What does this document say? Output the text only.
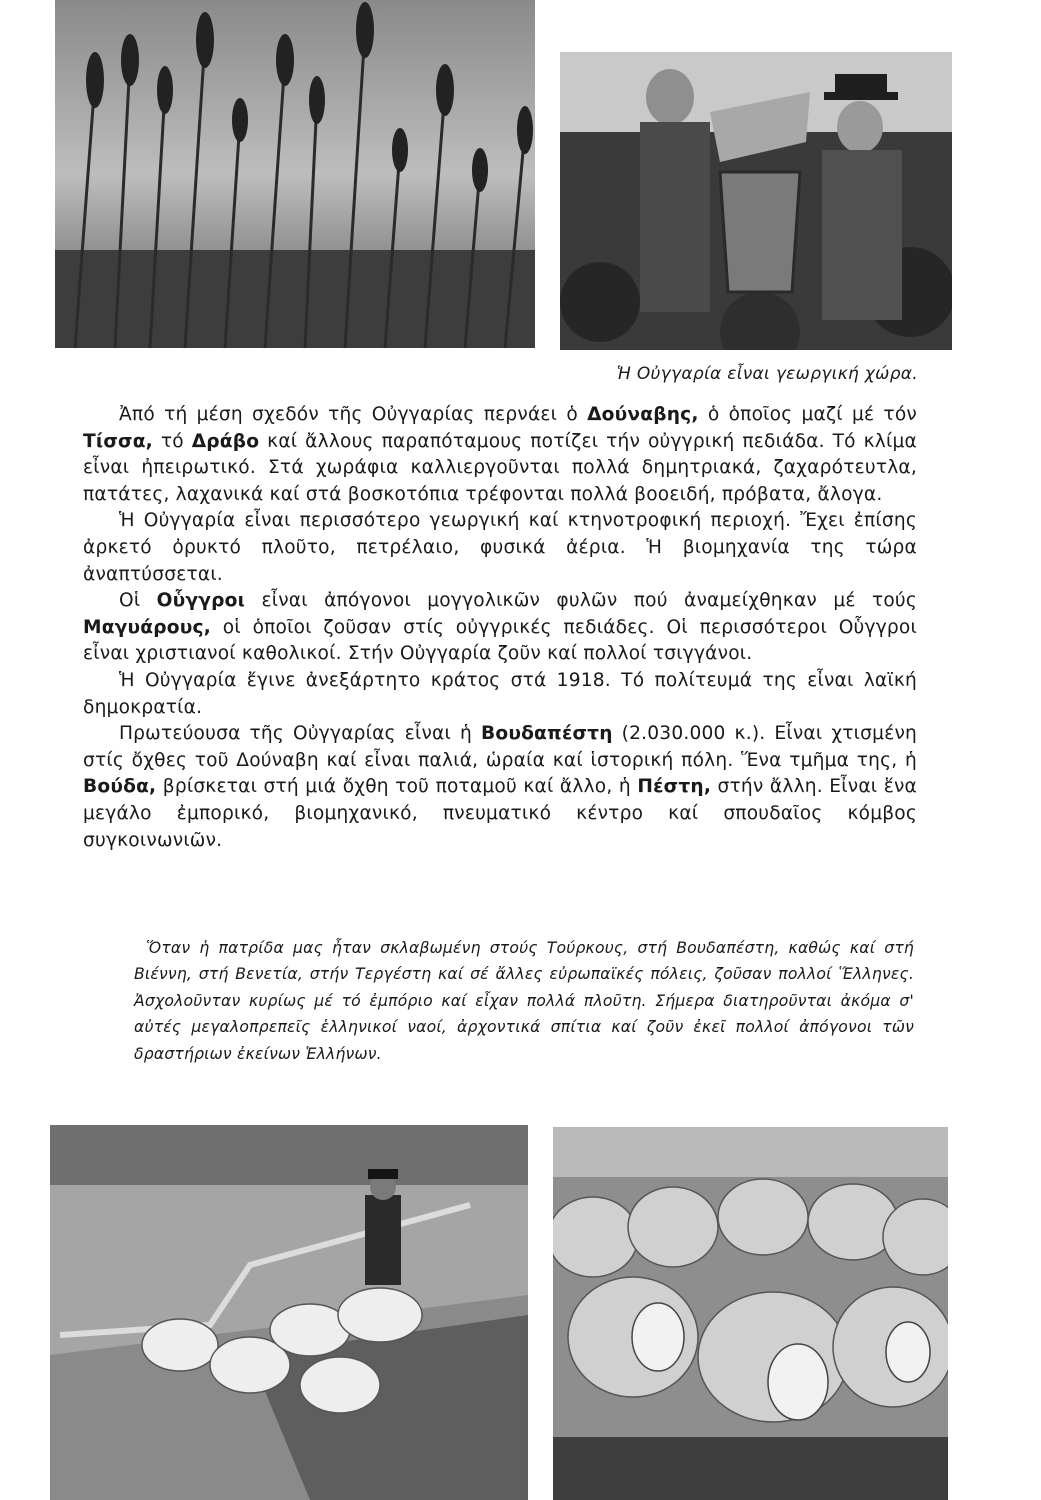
Ἡ Οὐγγαρία εἶναι γεωργική χώρα.

Ἀπό τή μέση σχεδόν τῆς Οὐγγαρίας περνάει ὁ Δούναβης, ὁ ὁποῖος μαζί μέ τόν Τίσσα, τό Δράβο καί ἄλλους παραπόταμους ποτίζει τήν οὐγγρική πεδιάδα. Τό κλίμα εἶναι ἠπειρωτικό. Στά χωράφια καλλιεργοῦνται πολλά δημητριακά, ζαχαρότευτλα, πατάτες, λαχανικά καί στά βοσκοτόπια τρέφονται πολλά βοοειδή, πρόβατα, ἄλογα.

Ἡ Οὐγγαρία εἶναι περισσότερο γεωργική καί κτηνοτροφική περιοχή. Ἔχει ἐπίσης ἀρκετό ὀρυκτό πλοῦτο, πετρέλαιο, φυσικά ἀέρια. Ἡ βιομηχανία της τώρα ἀναπτύσσεται.

Οἱ Οὗγγροι εἶναι ἀπόγονοι μογγολικῶν φυλῶν πού ἀναμείχθηκαν μέ τούς Μαγυάρους, οἱ ὁποῖοι ζοῦσαν στίς οὐγγρικές πεδιάδες. Οἱ περισσότεροι Οὗγγροι εἶναι χριστιανοί καθολικοί. Στήν Οὐγγαρία ζοῦν καί πολλοί τσιγγάνοι.

Ἡ Οὐγγαρία ἔγινε ἀνεξάρτητο κράτος στά 1918. Τό πολίτευμά της εἶναι λαϊκή δημοκρατία.

Πρωτεύουσα τῆς Οὐγγαρίας εἶναι ἡ Βουδαπέστη (2.030.000 κ.). Εἶναι χτισμένη στίς ὄχθες τοῦ Δούναβη καί εἶναι παλιά, ὡραία καί ἱστορική πόλη. Ἕνα τμῆμα της, ἡ Βούδα, βρίσκεται στή μιά ὄχθη τοῦ ποταμοῦ καί ἄλλο, ἡ Πέστη, στήν ἄλλη. Εἶναι ἕνα μεγάλο ἐμπορικό, βιομηχανικό, πνευματικό κέντρο καί σπουδαῖος κόμβος συγκοινωνιῶν.

Ὅταν ἡ πατρίδα μας ἦταν σκλαβωμένη στούς Τούρκους, στή Βουδαπέστη, καθώς καί στή Βιέννη, στή Βενετία, στήν Τεργέστη καί σέ ἄλλες εὐρωπαϊκές πόλεις, ζοῦσαν πολλοί Ἕλληνες. Ἀσχολοῦνταν κυρίως μέ τό ἐμπόριο καί εἶχαν πολλά πλοῦτη. Σήμερα διατηροῦνται ἀκόμα σ' αὐτές μεγαλοπρεπεῖς ἑλληνικοί ναοί, ἀρχοντικά σπίτια καί ζοῦν ἐκεῖ πολλοί ἀπόγονοι τῶν δραστήριων ἐκείνων Ἑλλήνων.
